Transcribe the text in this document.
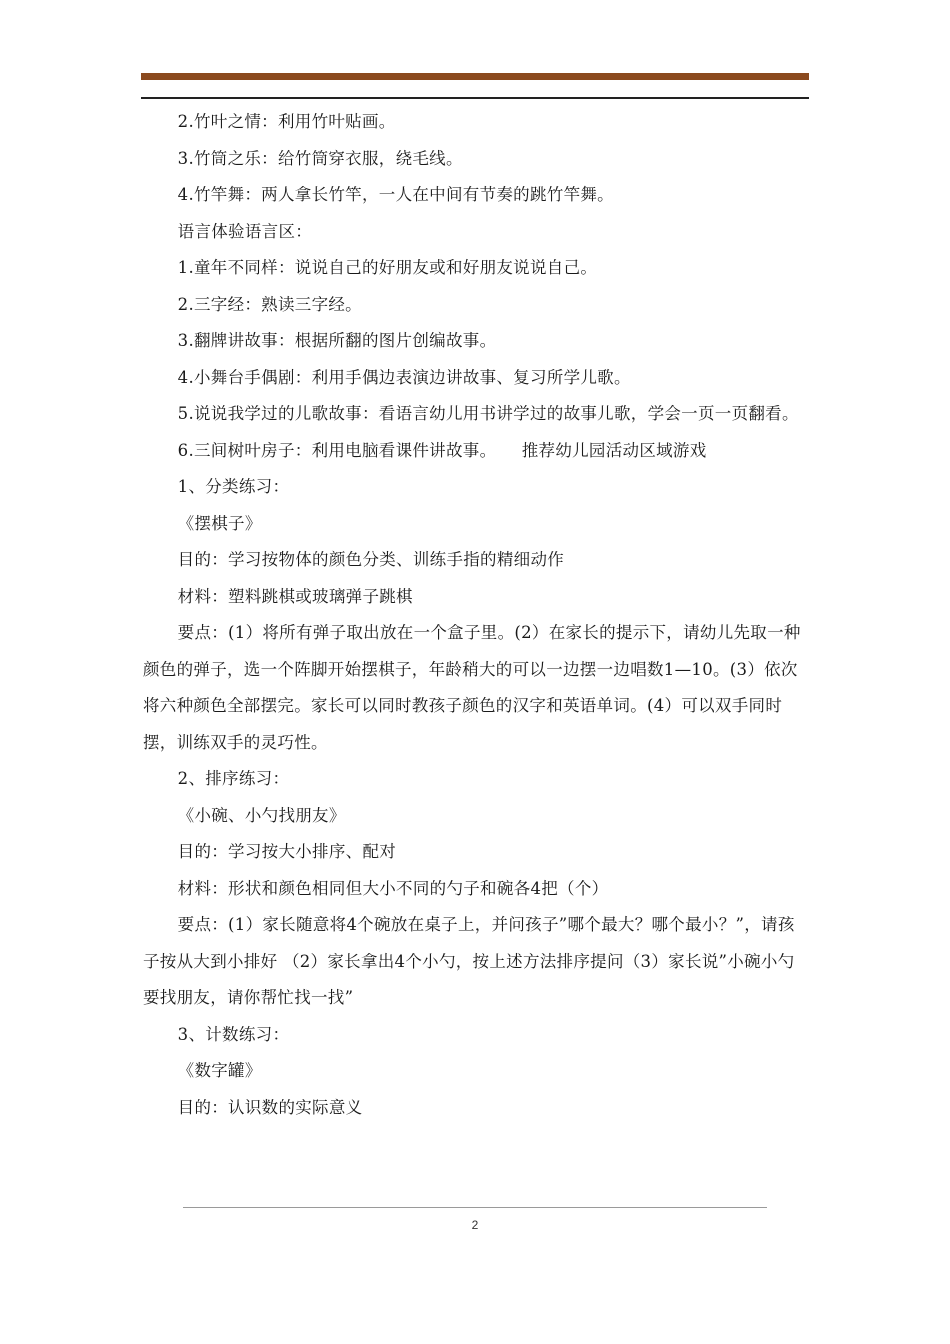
2.竹叶之情：利用竹叶贴画。

3.竹筒之乐：给竹筒穿衣服，绕毛线。

4.竹竿舞：两人拿长竹竿，一人在中间有节奏的跳竹竿舞。

语言体验语言区：

1.童年不同样：说说自己的好朋友或和好朋友说说自己。

2.三字经：熟读三字经。

3.翻牌讲故事：根据所翻的图片创编故事。

4.小舞台手偶剧：利用手偶边表演边讲故事、复习所学儿歌。

5.说说我学过的儿歌故事：看语言幼儿用书讲学过的故事儿歌，学会一页一页翻看。

6.三间树叶房子：利用电脑看课件讲故事。　　推荐幼儿园活动区域游戏

1、分类练习：

《摆棋子》

目的：学习按物体的颜色分类、训练手指的精细动作

材料：塑料跳棋或玻璃弹子跳棋

要点：(1）将所有弹子取出放在一个盒子里。(2）在家长的提示下，请幼儿先取一种颜色的弹子，选一个阵脚开始摆棋子，年龄稍大的可以一边摆一边唱数1—10。(3）依次将六种颜色全部摆完。家长可以同时教孩子颜色的汉字和英语单词。(4）可以双手同时摆，训练双手的灵巧性。

2、排序练习：

《小碗、小勺找朋友》

目的：学习按大小排序、配对

材料：形状和颜色相同但大小不同的勺子和碗各4把（个）

要点：(1）家长随意将4个碗放在桌子上，并问孩子”哪个最大？哪个最小？”，请孩子按从大到小排好 （2）家长拿出4个小勺，按上述方法排序提问（3）家长说”小碗小勺要找朋友，请你帮忙找一找”

3、计数练习：

《数字罐》

目的：认识数的实际意义

2
